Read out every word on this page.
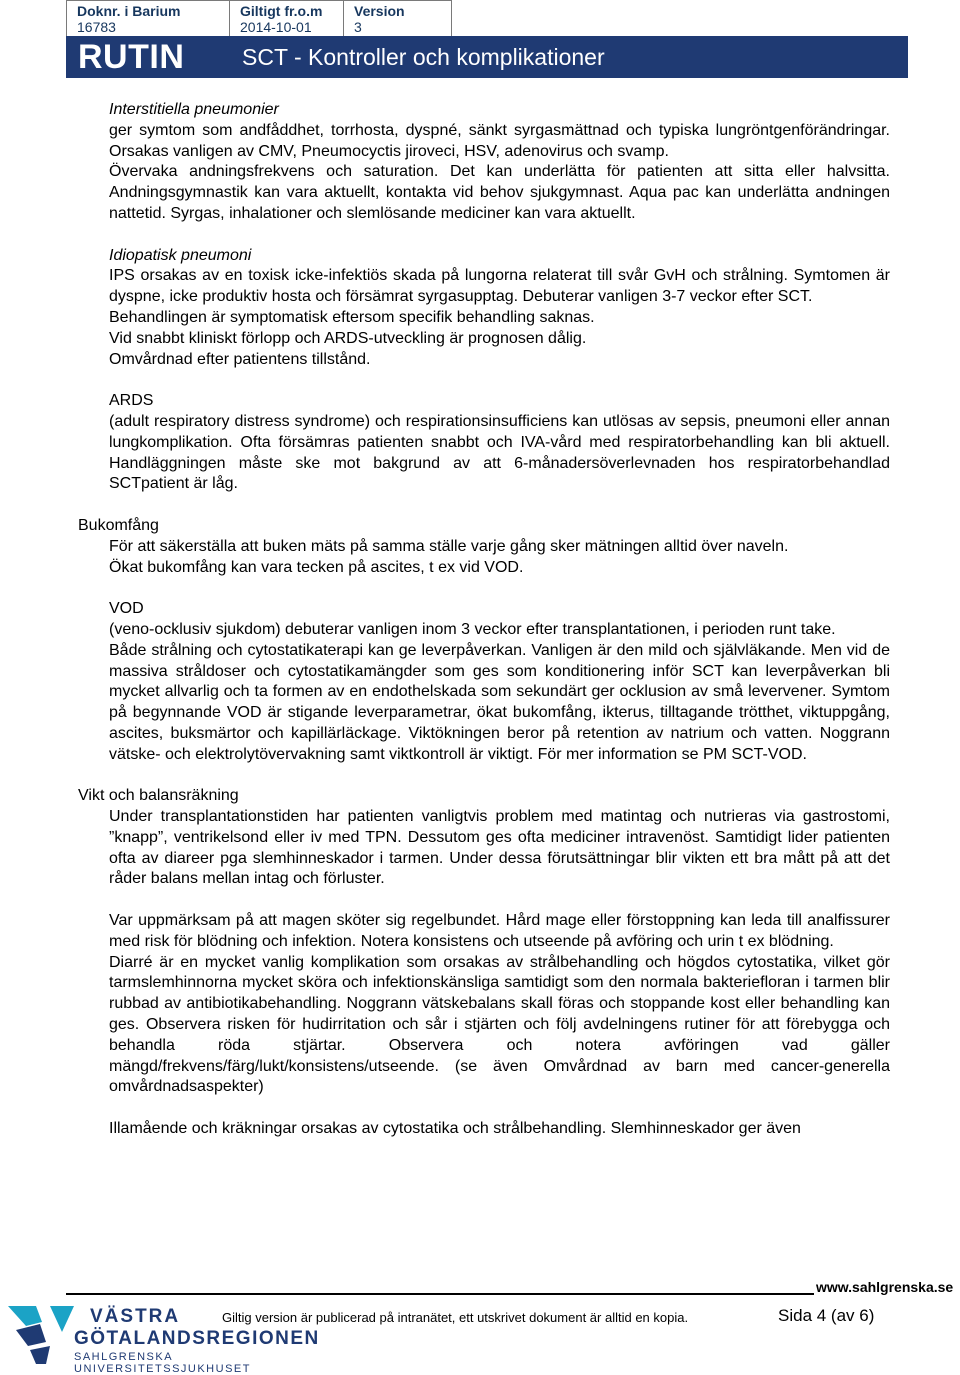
Doknr. i Barium
16783
Giltigt fr.o.m
2014-10-01
Version
3
RUTIN	SCT - Kontroller och komplikationer

Interstitiella pneumonier

ger symtom som andfåddhet, torrhosta, dyspné, sänkt syrgasmättnad och typiska lungröntgenförändringar. Orsakas vanligen av CMV, Pneumocyctis jiroveci, HSV, adenovirus och svamp.

Övervaka andningsfrekvens och saturation. Det kan underlätta för patienten att sitta eller halvsitta. Andningsgymnastik kan vara aktuellt, kontakta vid behov sjukgymnast. Aqua pac kan underlätta andningen nattetid. Syrgas, inhalationer och slemlösande mediciner kan vara aktuellt.

Idiopatisk pneumoni

IPS orsakas av en toxisk icke-infektiös skada på lungorna relaterat till svår GvH och strålning. Symtomen är dyspne, icke produktiv hosta och försämrat syrgasupptag. Debuterar vanligen 3-7 veckor efter SCT.

Behandlingen är symptomatisk eftersom specifik behandling saknas.

Vid snabbt kliniskt förlopp och ARDS-utveckling är prognosen dålig.

Omvårdnad efter patientens tillstånd.

ARDS

(adult respiratory distress syndrome) och respirationsinsufficiens kan utlösas av sepsis, pneumoni eller annan lungkomplikation. Ofta försämras patienten snabbt och IVA-vård med respiratorbehandling kan bli aktuell. Handläggningen måste ske mot bakgrund av att 6-månadersöverlevnaden hos respiratorbehandlad SCTpatient är låg.

Bukomfång

För att säkerställa att buken mäts på samma ställe varje gång sker mätningen alltid över naveln.

Ökat bukomfång kan vara tecken på ascites, t ex vid VOD.

VOD

(veno-ocklusiv sjukdom) debuterar vanligen inom 3 veckor efter transplantationen, i perioden runt take.

Både strålning och cytostatikaterapi kan ge leverpåverkan. Vanligen är den mild och självläkande. Men vid de massiva stråldoser och cytostatikamängder som ges som konditionering inför SCT kan leverpåverkan bli mycket allvarlig och ta formen av en endothelskada som sekundärt ger ocklusion av små levervener. Symtom på begynnande VOD är stigande leverparametrar, ökat bukomfång, ikterus, tilltagande trötthet, viktuppgång, ascites, buksmärtor och kapillärläckage. Viktökningen beror på retention av natrium och vatten. Noggrann vätske- och elektrolytövervakning samt viktkontroll är viktigt. För mer information se PM SCT-VOD.

Vikt och balansräkning

Under transplantationstiden har patienten vanligtvis problem med matintag och nutrieras via gastrostomi, ”knapp”, ventrikelsond eller iv med TPN. Dessutom ges ofta mediciner intravenöst. Samtidigt lider patienten ofta av diareer pga slemhinneskador i tarmen. Under dessa förutsättningar blir vikten ett bra mått på att det råder balans mellan intag och förluster.

Var uppmärksam på att magen sköter sig regelbundet. Hård mage eller förstoppning kan leda till analfissurer med risk för blödning och infektion. Notera konsistens och utseende på avföring och urin t ex blödning.

Diarré är en mycket vanlig komplikation som orsakas av strålbehandling och högdos cytostatika, vilket gör tarmslemhinnorna mycket sköra och infektionskänsliga samtidigt som den normala bakteriefloran i tarmen blir rubbad av antibiotikabehandling. Noggrann vätskebalans skall föras och stoppande kost eller behandling kan ges. Observera risken för hudirritation och sår i stjärten och följ avdelningens rutiner för att förebygga och behandla röda stjärtar. Observera och notera avföringen vad gäller mängd/frekvens/färg/lukt/konsistens/utseende. (se även Omvårdnad av barn med cancer-generella omvårdnadsaspekter)

Illamående och kräkningar orsakas av cytostatika och strålbehandling. Slemhinneskador ger även

www.sahlgrenska.se
VÄSTRA
GÖTALANDSREGIONEN
SAHLGRENSKA UNIVERSITETSSJUKHUSET
Giltig version är publicerad på intranätet, ett utskrivet dokument är alltid en kopia.	Sida 4 (av 6)
